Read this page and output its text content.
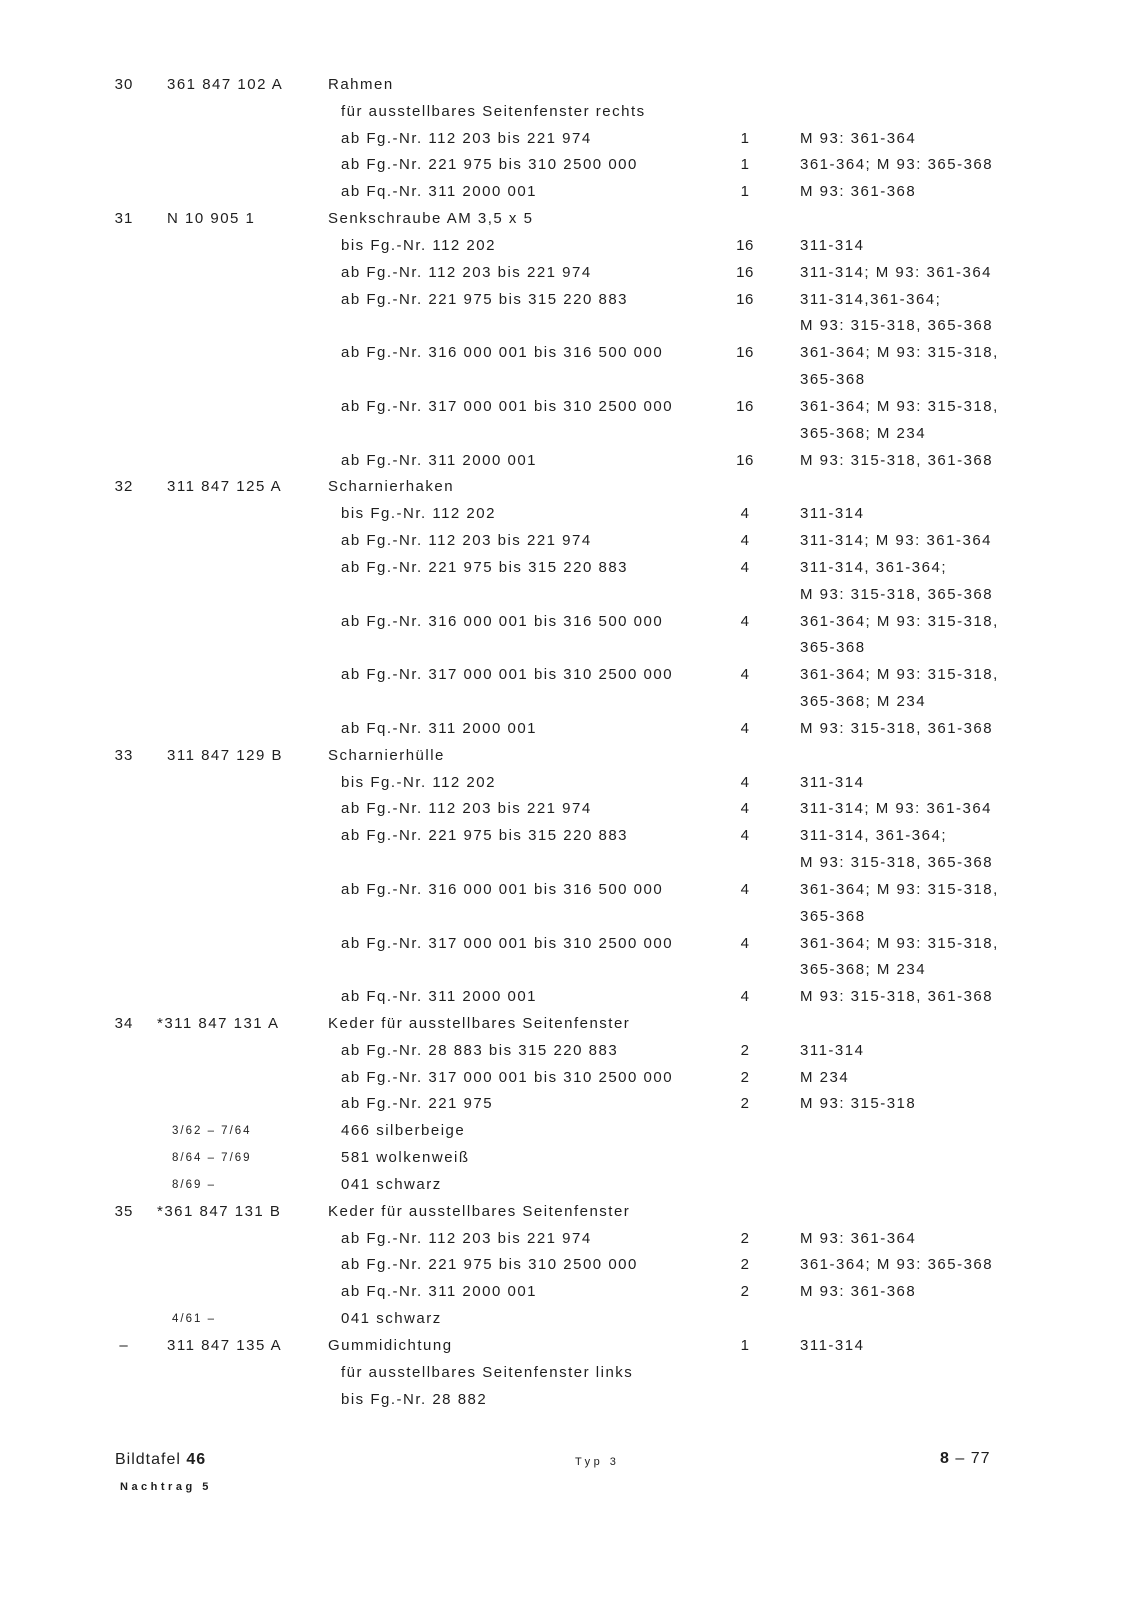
30	361 847 102 A	Rahmen
für ausstellbares Seitenfenster rechts
ab Fg.-Nr. 112 203 bis 221 974	1	M 93: 361-364
ab Fg.-Nr. 221 975 bis 310 2500 000	1	361-364; M 93: 365-368
ab Fq.-Nr. 311 2000 001	1	M 93: 361-368
31	N 10 905 1	Senkschraube AM 3,5 x 5
bis Fg.-Nr. 112 202	16	311-314
ab Fg.-Nr. 112 203 bis 221 974	16	311-314; M 93: 361-364
ab Fg.-Nr. 221 975 bis 315 220 883	16	311-314,361-364;
M 93: 315-318, 365-368
ab Fg.-Nr. 316 000 001 bis 316 500 000	16	361-364; M 93: 315-318,
365-368
ab Fg.-Nr. 317 000 001 bis 310 2500 000	16	361-364; M 93: 315-318,
365-368; M 234
ab Fg.-Nr. 311 2000 001	16	M 93: 315-318, 361-368
32	311 847 125 A	Scharnierhaken
bis Fg.-Nr. 112 202	4	311-314
ab Fg.-Nr. 112 203 bis 221 974	4	311-314; M 93: 361-364
ab Fg.-Nr. 221 975 bis 315 220 883	4	311-314, 361-364;
M 93: 315-318, 365-368
ab Fg.-Nr. 316 000 001 bis 316 500 000	4	361-364; M 93: 315-318,
365-368
ab Fg.-Nr. 317 000 001 bis 310 2500 000	4	361-364; M 93: 315-318,
365-368; M 234
ab Fq.-Nr. 311 2000 001	4	M 93: 315-318, 361-368
33	311 847 129 B	Scharnierhülle
bis Fg.-Nr. 112 202	4	311-314
ab Fg.-Nr. 112 203 bis 221 974	4	311-314; M 93: 361-364
ab Fg.-Nr. 221 975 bis 315 220 883	4	311-314, 361-364;
M 93: 315-318, 365-368
ab Fg.-Nr. 316 000 001 bis 316 500 000	4	361-364; M 93: 315-318,
365-368
ab Fg.-Nr. 317 000 001 bis 310 2500 000	4	361-364; M 93: 315-318,
365-368; M 234
ab Fq.-Nr. 311 2000 001	4	M 93: 315-318, 361-368
34	*311 847 131 A	Keder für ausstellbares Seitenfenster
ab Fg.-Nr. 28 883 bis 315 220 883	2	311-314
ab Fg.-Nr. 317 000 001 bis 310 2500 000	2	M 234
ab Fg.-Nr. 221 975	2	M 93: 315-318
3/62 – 7/64	466 silberbeige
8/64 – 7/69	581 wolkenweiß
8/69 –	041 schwarz
35	*361 847 131 B	Keder für ausstellbares Seitenfenster
ab Fg.-Nr. 112 203 bis 221 974	2	M 93: 361-364
ab Fg.-Nr. 221 975 bis 310 2500 000	2	361-364; M 93: 365-368
ab Fq.-Nr. 311 2000 001	2	M 93: 361-368
4/61 –	041 schwarz
–	311 847 135 A	Gummidichtung	1	311-314
für ausstellbares Seitenfenster links
bis Fg.-Nr. 28 882
Bildtafel 46
Nachtrag 5
Typ 3	8 – 77
